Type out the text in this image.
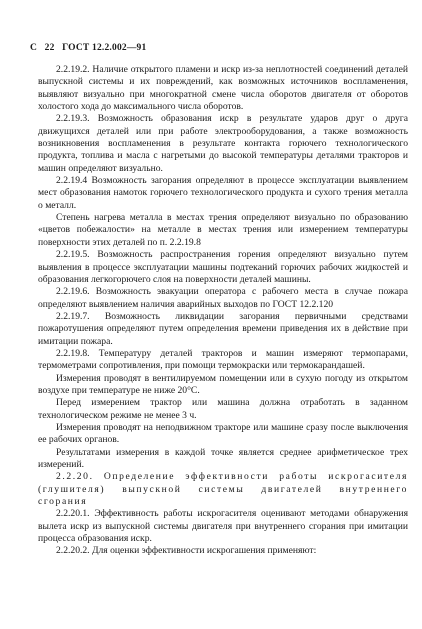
С 22 ГОСТ 12.2.002—91

2.2.19.2. Наличие открытого пламени и искр из-за неплотностей соединений деталей выпускной системы и их повреждений, как возможных источников воспламенения, выявляют визуально при многократной смене числа оборотов двигателя от оборотов холостого хода до максимального числа оборотов.

2.2.19.3. Возможность образования искр в результате ударов друг о друга движущихся деталей или при работе электрооборудования, а также возможность возникновения воспламенения в результате контакта горючего технологического продукта, топлива и масла с нагретыми до высокой температуры деталями тракторов и машин определяют визуально.

2.2.19.4 Возможность загорания определяют в процессе эксплуатации выявлением мест образования намоток горючего технологического продукта и сухого трения металла о металл.

Степень нагрева металла в местах трения определяют визуально по образованию «цветов побежалости» на металле в местах трения или измерением температуры поверхности этих деталей по п. 2.2.19.8

2.2.19.5. Возможность распространения горения определяют визуально путем выявления в процессе эксплуатации машины подтеканий горючих рабочих жидкостей и образования легкогорючего слоя на поверхности деталей машины.

2.2.19.6. Возможность эвакуации оператора с рабочего места в случае пожара определяют выявлением наличия аварийных выходов по ГОСТ 12.2.120

2.2.19.7. Возможность ликвидации загорания первичными средствами пожаротушения определяют путем определения времени приведения их в действие при имитации пожара.

2.2.19.8. Температуру деталей тракторов и машин измеряют термопарами, термометрами сопротивления, при помощи термокраски или термокарандашей.

Измерения проводят в вентилируемом помещении или в сухую погоду из открытом воздухе при температуре не ниже 20°С.

Перед измерением трактор или машина должна отработать в заданном технологическом режиме не менее 3 ч.

Измерения проводят на неподвижном тракторе или машине сразу после выключения ее рабочих органов.

Результатами измерения в каждой точке является среднее арифметическое трех измерений.

2.2.20. Определение эффективности работы искрогасителя (глушителя) выпускной системы двигателей внутреннего сгорания

2.2.20.1. Эффективность работы искрогасителя оценивают методами обнаружения вылета искр из выпускной системы двигателя при внутреннего сгорания при имитации процесса образования искр.

2.2.20.2. Для оценки эффективности искрогашения применяют:
